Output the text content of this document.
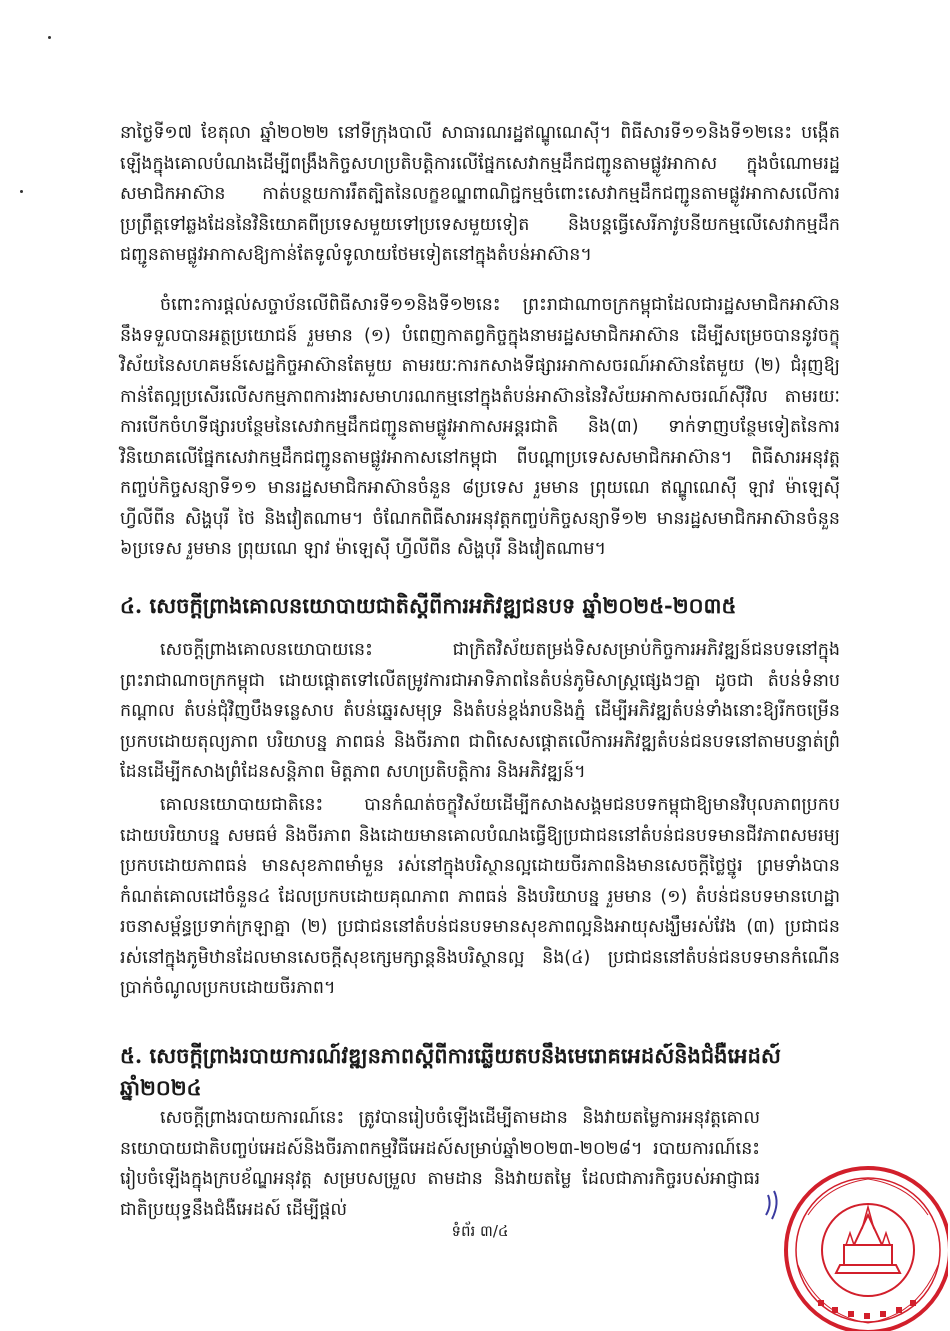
នាថ្ងៃទី១៧ ខែតុលា ឆ្នាំ២០២២ នៅទីក្រុងបាលី សាធារណរដ្ឋឥណ្ឌូណេស៊ី។ ពិធីសារទី១១និងទី១២នេះ បង្កើតឡើងក្នុងគោលបំណងដើម្បីពង្រឹងកិច្ចសហប្រតិបត្តិការលើផ្នែកសេវាកម្មដឹកជញ្ជូនតាមផ្លូវអាកាស ក្នុងចំណោមរដ្ឋសមាជិកអាស៊ាន កាត់បន្ថយការរឹតត្បិតនៃលក្ខខណ្ឌពាណិជ្ជកម្មចំពោះសេវាកម្មដឹកជញ្ជូនតាមផ្លូវអាកាសលើការប្រព្រឹត្តទៅឆ្លងដែននៃវិនិយោគពីប្រទេសមួយទៅប្រទេសមួយទៀត និងបន្តធ្វើសេរីភាវូបនីយកម្មលើសេវាកម្មដឹកជញ្ជូនតាមផ្លូវអាកាសឱ្យកាន់តែទូលំទូលាយថែមទៀតនៅក្នុងតំបន់អាស៊ាន។

ចំពោះការផ្តល់សច្ចាប័នលើពិធីសារទី១១និងទី១២នេះ ព្រះរាជាណាចក្រកម្ពុជាដែលជារដ្ឋសមាជិកអាស៊ាននឹងទទួលបានអត្ថប្រយោជន៍ រួមមាន (១) បំពេញកាតព្វកិច្ចក្នុងនាមរដ្ឋសមាជិកអាស៊ាន ដើម្បីសម្រេចបាននូវចក្ខុវិស័យនៃសហគមន៍សេដ្ឋកិច្ចអាស៊ានតែមួយ តាមរយៈការកសាងទីផ្សារអាកាសចរណ៍អាស៊ានតែមួយ (២) ជំរុញឱ្យកាន់តែល្អប្រសើរលើសកម្មភាពការងារសមាហរណកម្មនៅក្នុងតំបន់អាស៊ាននៃវិស័យអាកាសចរណ៍ស៊ីវិល តាមរយៈការបើកចំហទីផ្សារបន្ថែមនៃសេវាកម្មដឹកជញ្ជូនតាមផ្លូវអាកាសអន្តរជាតិ និង(៣) ទាក់ទាញបន្ថែមទៀតនៃការវិនិយោគលើផ្នែកសេវាកម្មដឹកជញ្ជូនតាមផ្លូវអាកាសនៅកម្ពុជា ពីបណ្តាប្រទេសសមាជិកអាស៊ាន។ ពិធីសារអនុវត្តកញ្ចប់កិច្ចសន្យាទី១១ មានរដ្ឋសមាជិកអាស៊ានចំនួន ៨ប្រទេស រួមមាន ព្រុយណេ ឥណ្ឌូណេស៊ី ឡាវ ម៉ាឡេស៊ី ហ្វីលីពីន សិង្ហបុរី ថៃ និងវៀតណាម។ ចំណែកពិធីសារអនុវត្តកញ្ចប់កិច្ចសន្យាទី១២ មានរដ្ឋសមាជិកអាស៊ានចំនួន ៦ប្រទេស រួមមាន ព្រុយណេ ឡាវ ម៉ាឡេស៊ី ហ្វីលីពីន សិង្ហបុរី និងវៀតណាម។

៤. សេចក្តីព្រាងគោលនយោបាយជាតិស្តីពីការអភិវឌ្ឍជនបទ ឆ្នាំ២០២៥-២០៣៥

សេចក្តីព្រាងគោលនយោបាយនេះ ជាក្រិតវិស័យតម្រង់ទិសសម្រាប់កិច្ចការអភិវឌ្ឍន៍ជនបទនៅក្នុងព្រះរាជាណាចក្រកម្ពុជា ដោយផ្តោតទៅលើតម្រូវការជាអាទិភាពនៃតំបន់ភូមិសាស្ត្រផ្សេងៗគ្នា ដូចជា តំបន់ទំនាបកណ្តាល តំបន់ជុំវិញបឹងទន្លេសាប តំបន់ឆ្នេរសមុទ្រ និងតំបន់ខ្ពង់រាបនិងភ្នំ ដើម្បីអភិវឌ្ឍតំបន់ទាំងនោះឱ្យរីកចម្រើនប្រកបដោយតុល្យភាព បរិយាបន្ន ភាពធន់ និងចីរភាព ជាពិសេសផ្តោតលើការអភិវឌ្ឍតំបន់ជនបទនៅតាមបន្ទាត់ព្រំដែនដើម្បីកសាងព្រំដែនសន្តិភាព មិត្តភាព សហប្រតិបត្តិការ និងអភិវឌ្ឍន៍។

គោលនយោបាយជាតិនេះ បានកំណត់ចក្ខុវិស័យដើម្បីកសាងសង្គមជនបទកម្ពុជាឱ្យមានវិបុលភាពប្រកបដោយបរិយាបន្ន សមធម៌ និងចីរភាព និងដោយមានគោលបំណងធ្វើឱ្យប្រជាជននៅតំបន់ជនបទមានជីវភាពសមរម្យប្រកបដោយភាពធន់ មានសុខភាពមាំមួន រស់នៅក្នុងបរិស្ថានល្អដោយចីរភាពនិងមានសេចក្តីថ្លៃថ្នូរ ព្រមទាំងបានកំណត់គោលដៅចំនួន៤ ដែលប្រកបដោយគុណភាព ភាពធន់ និងបរិយាបន្ន រួមមាន (១) តំបន់ជនបទមានហេដ្ឋារចនាសម្ព័ន្ធប្រទាក់ក្រឡាគ្នា (២) ប្រជាជននៅតំបន់ជនបទមានសុខភាពល្អនិងអាយុសង្ឃឹមរស់វែង (៣) ប្រជាជនរស់នៅក្នុងភូមិឋានដែលមានសេចក្តីសុខក្សេមក្សាន្តនិងបរិស្ថានល្អ និង(៤) ប្រជាជននៅតំបន់ជនបទមានកំណើនប្រាក់ចំណូលប្រកបដោយចីរភាព។

៥. សេចក្តីព្រាងរបាយការណ៍វឌ្ឍនភាពស្តីពីការឆ្លើយតបនឹងមេរោគអេដស៍និងជំងឺអេដស៍ ឆ្នាំ២០២៤

សេចក្តីព្រាងរបាយការណ៍នេះ ត្រូវបានរៀបចំឡើងដើម្បីតាមដាន និងវាយតម្លៃការអនុវត្តគោលនយោបាយជាតិបញ្ចប់អេដស៍និងចីរភាពកម្មវិធីអេដស៍សម្រាប់ឆ្នាំ២០២៣-២០២៨។ របាយការណ៍នេះរៀបចំឡើងក្នុងក្របខ័ណ្ឌអនុវត្ត សម្របសម្រួល តាមដាន និងវាយតម្លៃ ដែលជាភារកិច្ចរបស់អាជ្ញាធរជាតិប្រយុទ្ធនឹងជំងឺអេដស៍ ដើម្បីផ្តល់

ទំព័រ ៣/៤
